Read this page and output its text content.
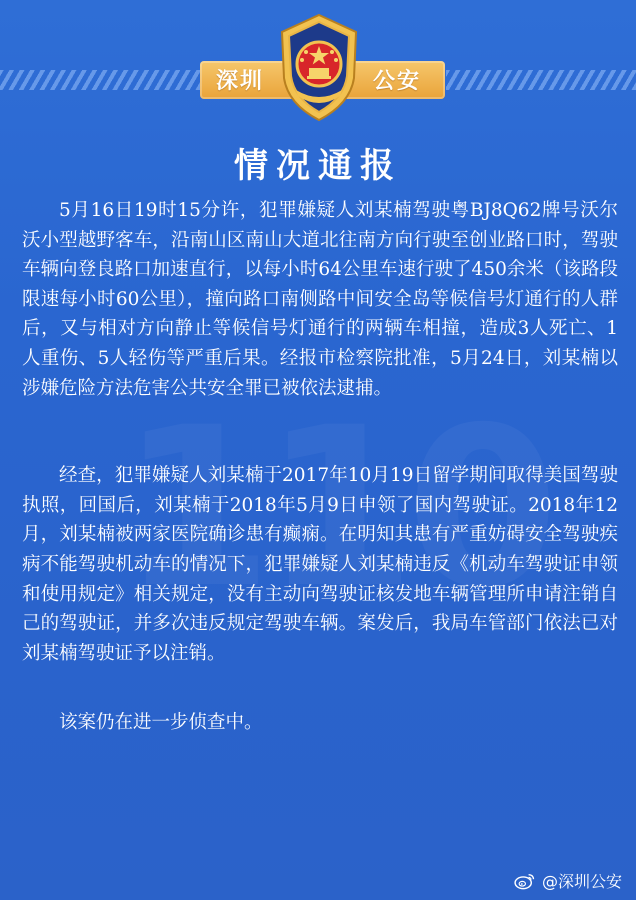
深圳	公安
情况通报

5月16日19时15分许，犯罪嫌疑人刘某楠驾驶粤BJ8Q62牌号沃尔沃小型越野客车，沿南山区南山大道北往南方向行驶至创业路口时，驾驶车辆向登良路口加速直行，以每小时64公里车速行驶了450余米（该路段限速每小时60公里），撞向路口南侧路中间安全岛等候信号灯通行的人群后，又与相对方向静止等候信号灯通行的两辆车相撞，造成3人死亡、1人重伤、5人轻伤等严重后果。经报市检察院批准，5月24日，刘某楠以涉嫌危险方法危害公共安全罪已被依法逮捕。

经查，犯罪嫌疑人刘某楠于2017年10月19日留学期间取得美国驾驶执照，回国后，刘某楠于2018年5月9日申领了国内驾驶证。2018年12月，刘某楠被两家医院确诊患有癫痫。在明知其患有严重妨碍安全驾驶疾病不能驾驶机动车的情况下，犯罪嫌疑人刘某楠违反《机动车驾驶证申领和使用规定》相关规定，没有主动向驾驶证核发地车辆管理所申请注销自己的驾驶证，并多次违反规定驾驶车辆。案发后，我局车管部门依法已对刘某楠驾驶证予以注销。

该案仍在进一步侦查中。

@深圳公安
